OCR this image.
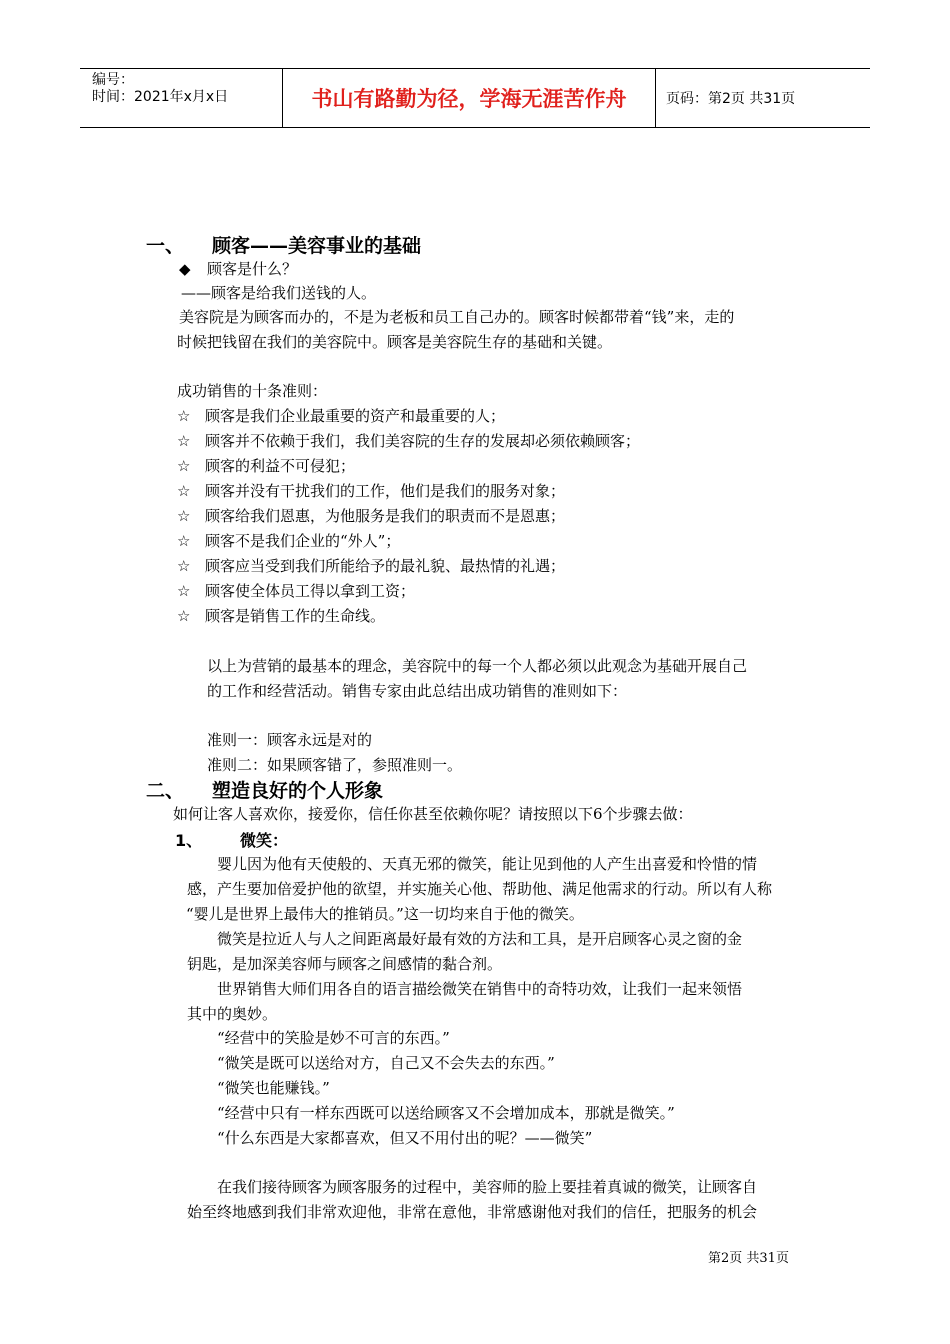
编号：
时间：2021年x月x日	书山有路勤为径，学海无涯苦作舟	页码：第2页 共31页
一、 顾客——美容事业的基础
◆ 顾客是什么？
——顾客是给我们送钱的人。
美容院是为顾客而办的，不是为老板和员工自己办的。顾客时候都带着“钱”来，走的
时候把钱留在我们的美容院中。顾客是美容院生存的基础和关键。
成功销售的十条准则：
☆ 顾客是我们企业最重要的资产和最重要的人；
☆ 顾客并不依赖于我们，我们美容院的生存的发展却必须依赖顾客；
☆ 顾客的利益不可侵犯；
☆ 顾客并没有干扰我们的工作，他们是我们的服务对象；
☆ 顾客给我们恩惠，为他服务是我们的职责而不是恩惠；
☆ 顾客不是我们企业的“外人”；
☆ 顾客应当受到我们所能给予的最礼貌、最热情的礼遇；
☆ 顾客使全体员工得以拿到工资；
☆ 顾客是销售工作的生命线。
以上为营销的最基本的理念，美容院中的每一个人都必须以此观念为基础开展自己
的工作和经营活动。销售专家由此总结出成功销售的准则如下：
准则一：顾客永远是对的
准则二：如果顾客错了，参照准则一。
二、 塑造良好的个人形象
如何让客人喜欢你，接爱你，信任你甚至依赖你呢？请按照以下6个步骤去做：
1、 微笑：
婴儿因为他有天使般的、天真无邪的微笑，能让见到他的人产生出喜爱和怜惜的情
感，产生要加倍爱护他的欲望，并实施关心他、帮助他、满足他需求的行动。所以有人称
“婴儿是世界上最伟大的推销员。”这一切均来自于他的微笑。
微笑是拉近人与人之间距离最好最有效的方法和工具，是开启顾客心灵之窗的金
钥匙，是加深美容师与顾客之间感情的黏合剂。
世界销售大师们用各自的语言描绘微笑在销售中的奇特功效，让我们一起来领悟
其中的奥妙。
“经营中的笑脸是妙不可言的东西。”
“微笑是既可以送给对方，自己又不会失去的东西。”
“微笑也能赚钱。”
“经营中只有一样东西既可以送给顾客又不会增加成本，那就是微笑。”
“什么东西是大家都喜欢，但又不用付出的呢？——微笑”
在我们接待顾客为顾客服务的过程中，美容师的脸上要挂着真诚的微笑，让顾客自
始至终地感到我们非常欢迎他，非常在意他，非常感谢他对我们的信任，把服务的机会
第2页 共31页
